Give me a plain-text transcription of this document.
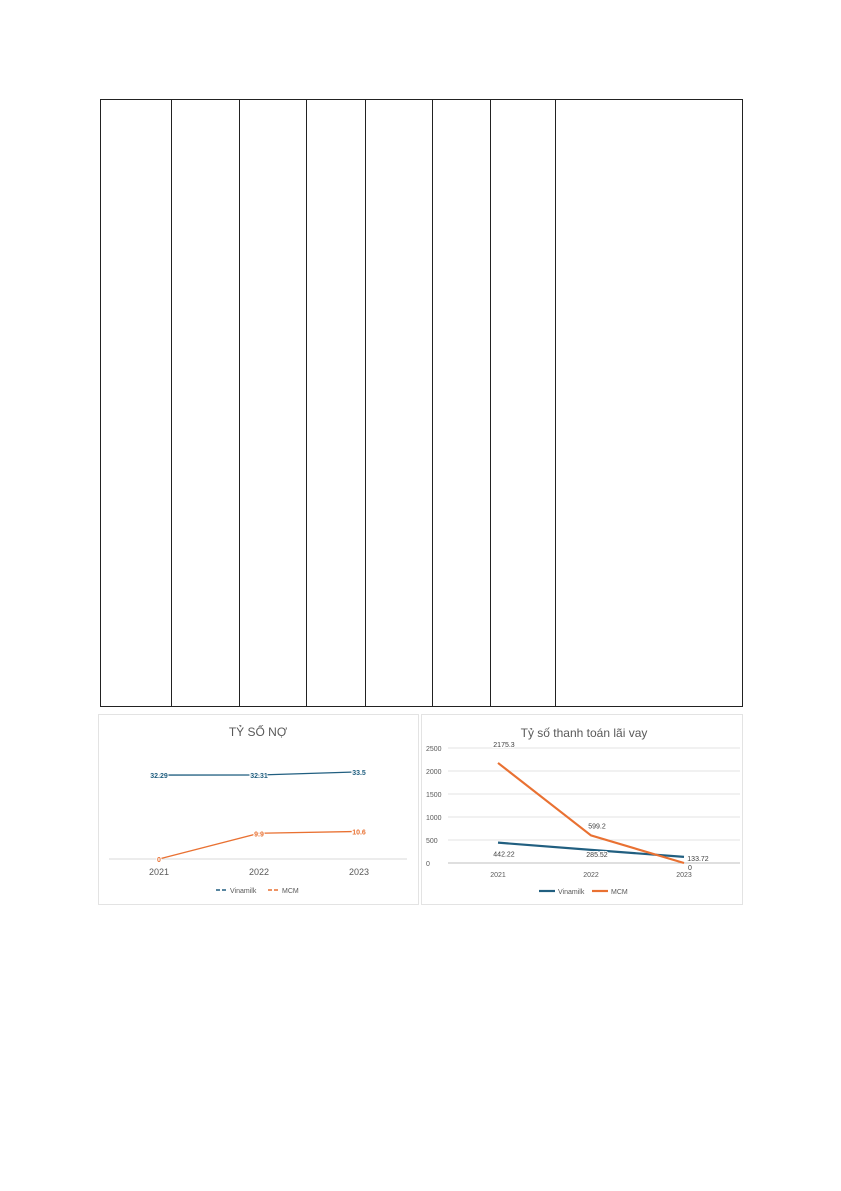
TỶ SỐ NỢ
2021	2022	2023
32.29	32.31	33.5
0
9.9	10.6
Vinamilk	MCM
Tỷ số thanh toán lãi vay
0
500
1000
1500
2000
2500
2021	2022	2023
442.22	285.52
133.72
2175.3
599.2
0
Vinamilk	MCM
